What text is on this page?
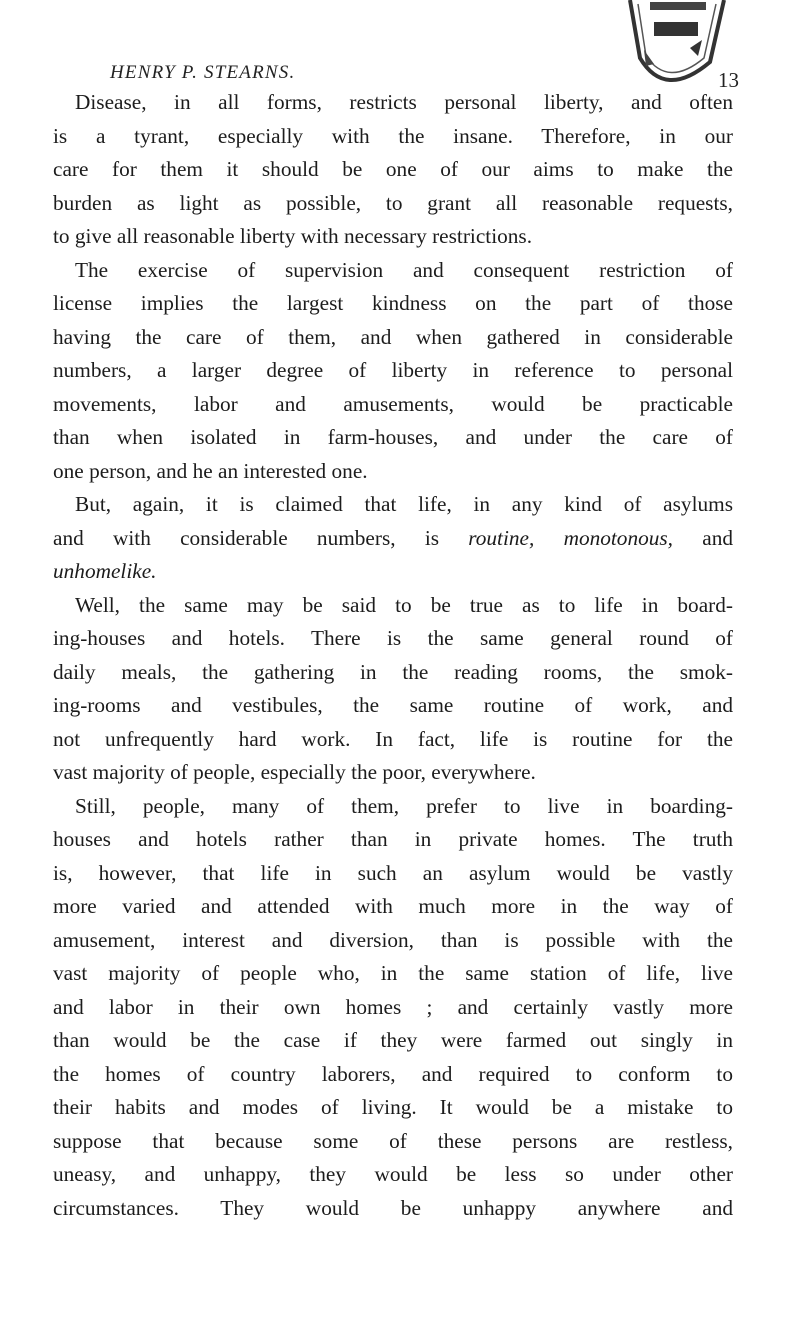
HENRY P. STEARNS.	13

Disease, in all forms, restricts personal liberty, and often
is a tyrant, especially with the insane. Therefore, in our
care for them it should be one of our aims to make the
burden as light as possible, to grant all reasonable requests,
to give all reasonable liberty with necessary restrictions.

The exercise of supervision and consequent restriction of
license implies the largest kindness on the part of those
having the care of them, and when gathered in considerable
numbers, a larger degree of liberty in reference to personal
movements, labor and amusements, would be practicable
than when isolated in farm-houses, and under the care of
one person, and he an interested one.

But, again, it is claimed that life, in any kind of asylums
and with considerable numbers, is routine, monotonous, and
unhomelike.

Well, the same may be said to be true as to life in board-
ing-houses and hotels. There is the same general round of
daily meals, the gathering in the reading rooms, the smok-
ing-rooms and vestibules, the same routine of work, and
not unfrequently hard work. In fact, life is routine for the
vast majority of people, especially the poor, everywhere.

Still, people, many of them, prefer to live in boarding-
houses and hotels rather than in private homes. The truth
is, however, that life in such an asylum would be vastly
more varied and attended with much more in the way of
amusement, interest and diversion, than is possible with the
vast majority of people who, in the same station of life, live
and labor in their own homes ; and certainly vastly more
than would be the case if they were farmed out singly in
the homes of country laborers, and required to conform to
their habits and modes of living. It would be a mistake to
suppose that because some of these persons are restless,
uneasy, and unhappy, they would be less so under other
circumstances. They would be unhappy anywhere and
